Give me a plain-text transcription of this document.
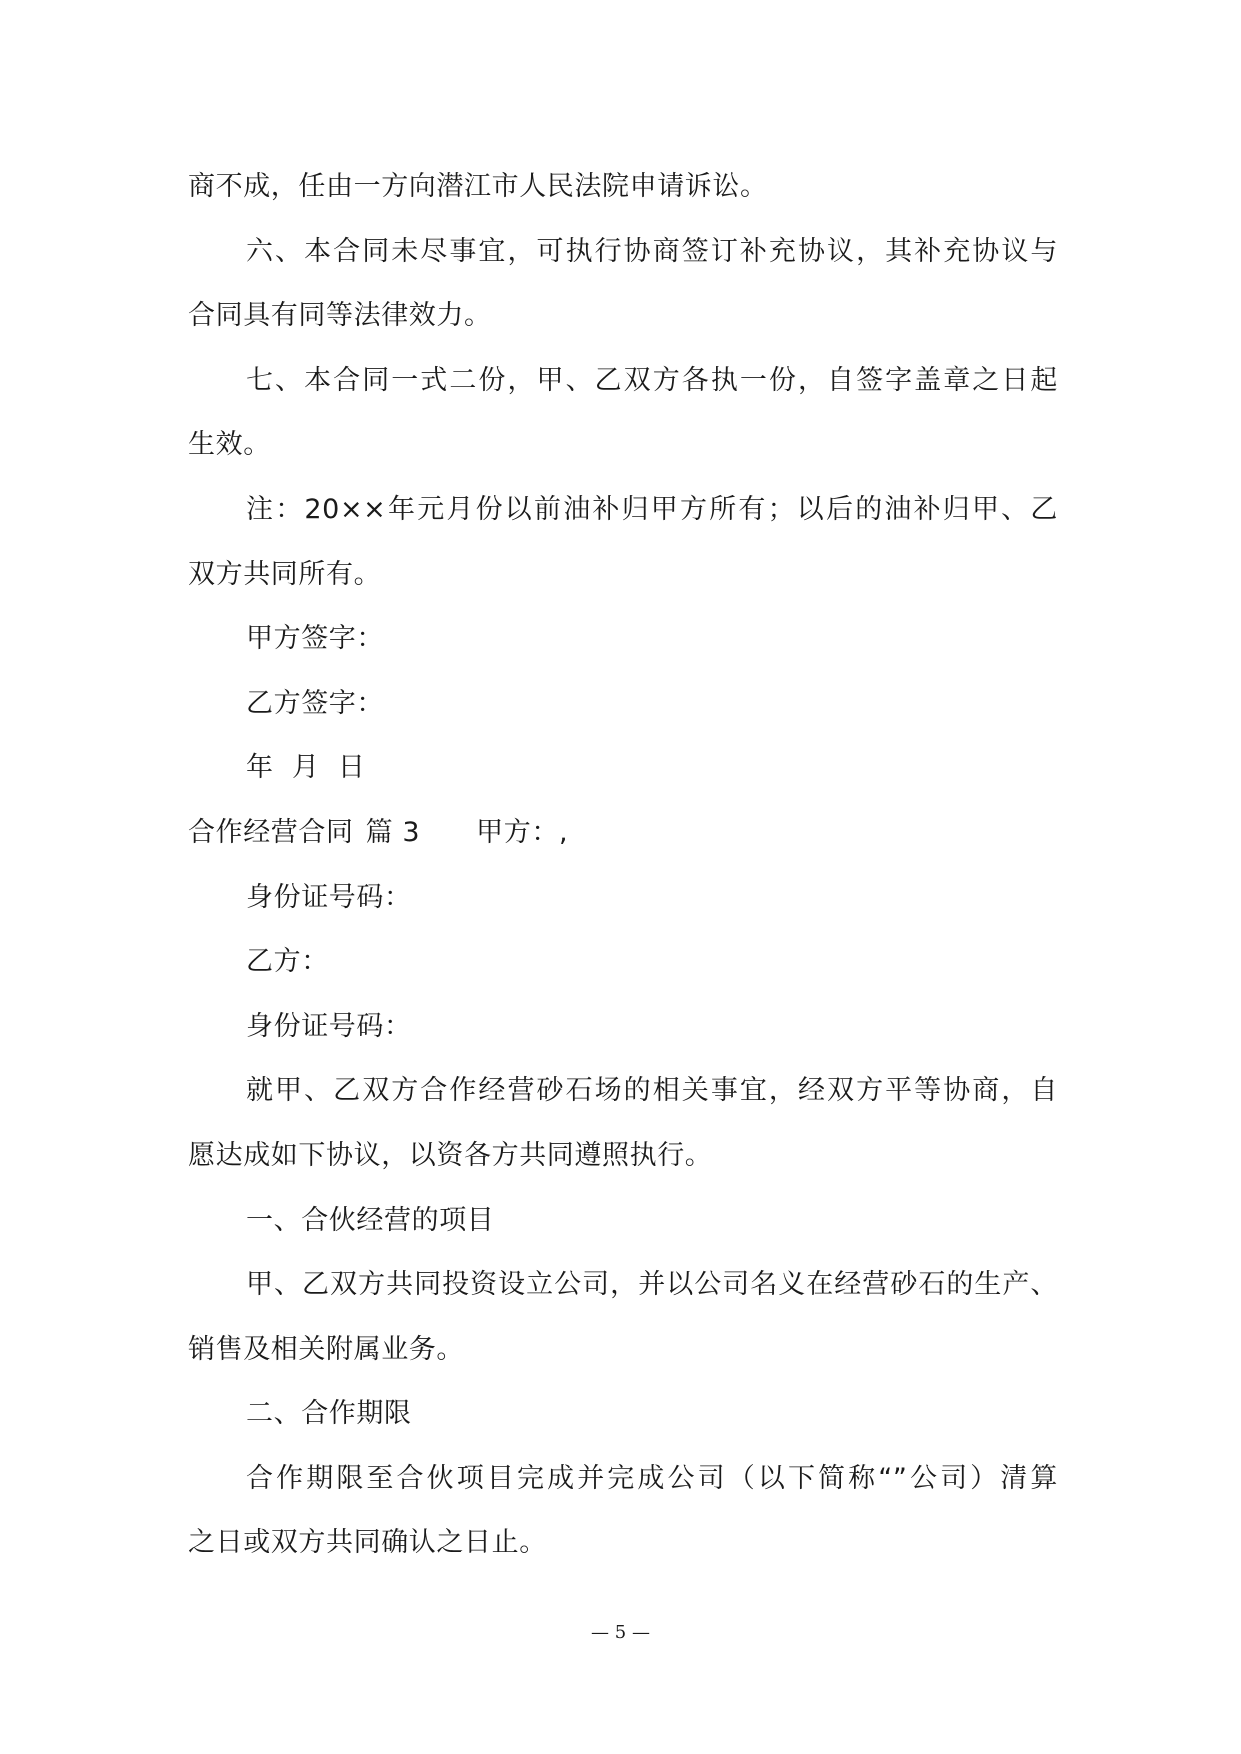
商不成，任由一方向潜江市人民法院申请诉讼。
六、本合同未尽事宜，可执行协商签订补充协议，其补充协议与
合同具有同等法律效力。
七、本合同一式二份，甲、乙双方各执一份，自签字盖章之日起
生效。
注：20××年元月份以前油补归甲方所有；以后的油补归甲、乙
双方共同所有。
甲方签字：
乙方签字：
年  月  日
合作经营合同 篇 3 甲方：,
身份证号码：
乙方：
身份证号码：
就甲、乙双方合作经营砂石场的相关事宜，经双方平等协商，自
愿达成如下协议，以资各方共同遵照执行。
一、合伙经营的项目
甲、乙双方共同投资设立公司，并以公司名义在经营砂石的生产、
销售及相关附属业务。
二、合作期限
合作期限至合伙项目完成并完成公司（以下简称“”公司）清算
之日或双方共同确认之日止。
— 5 —
